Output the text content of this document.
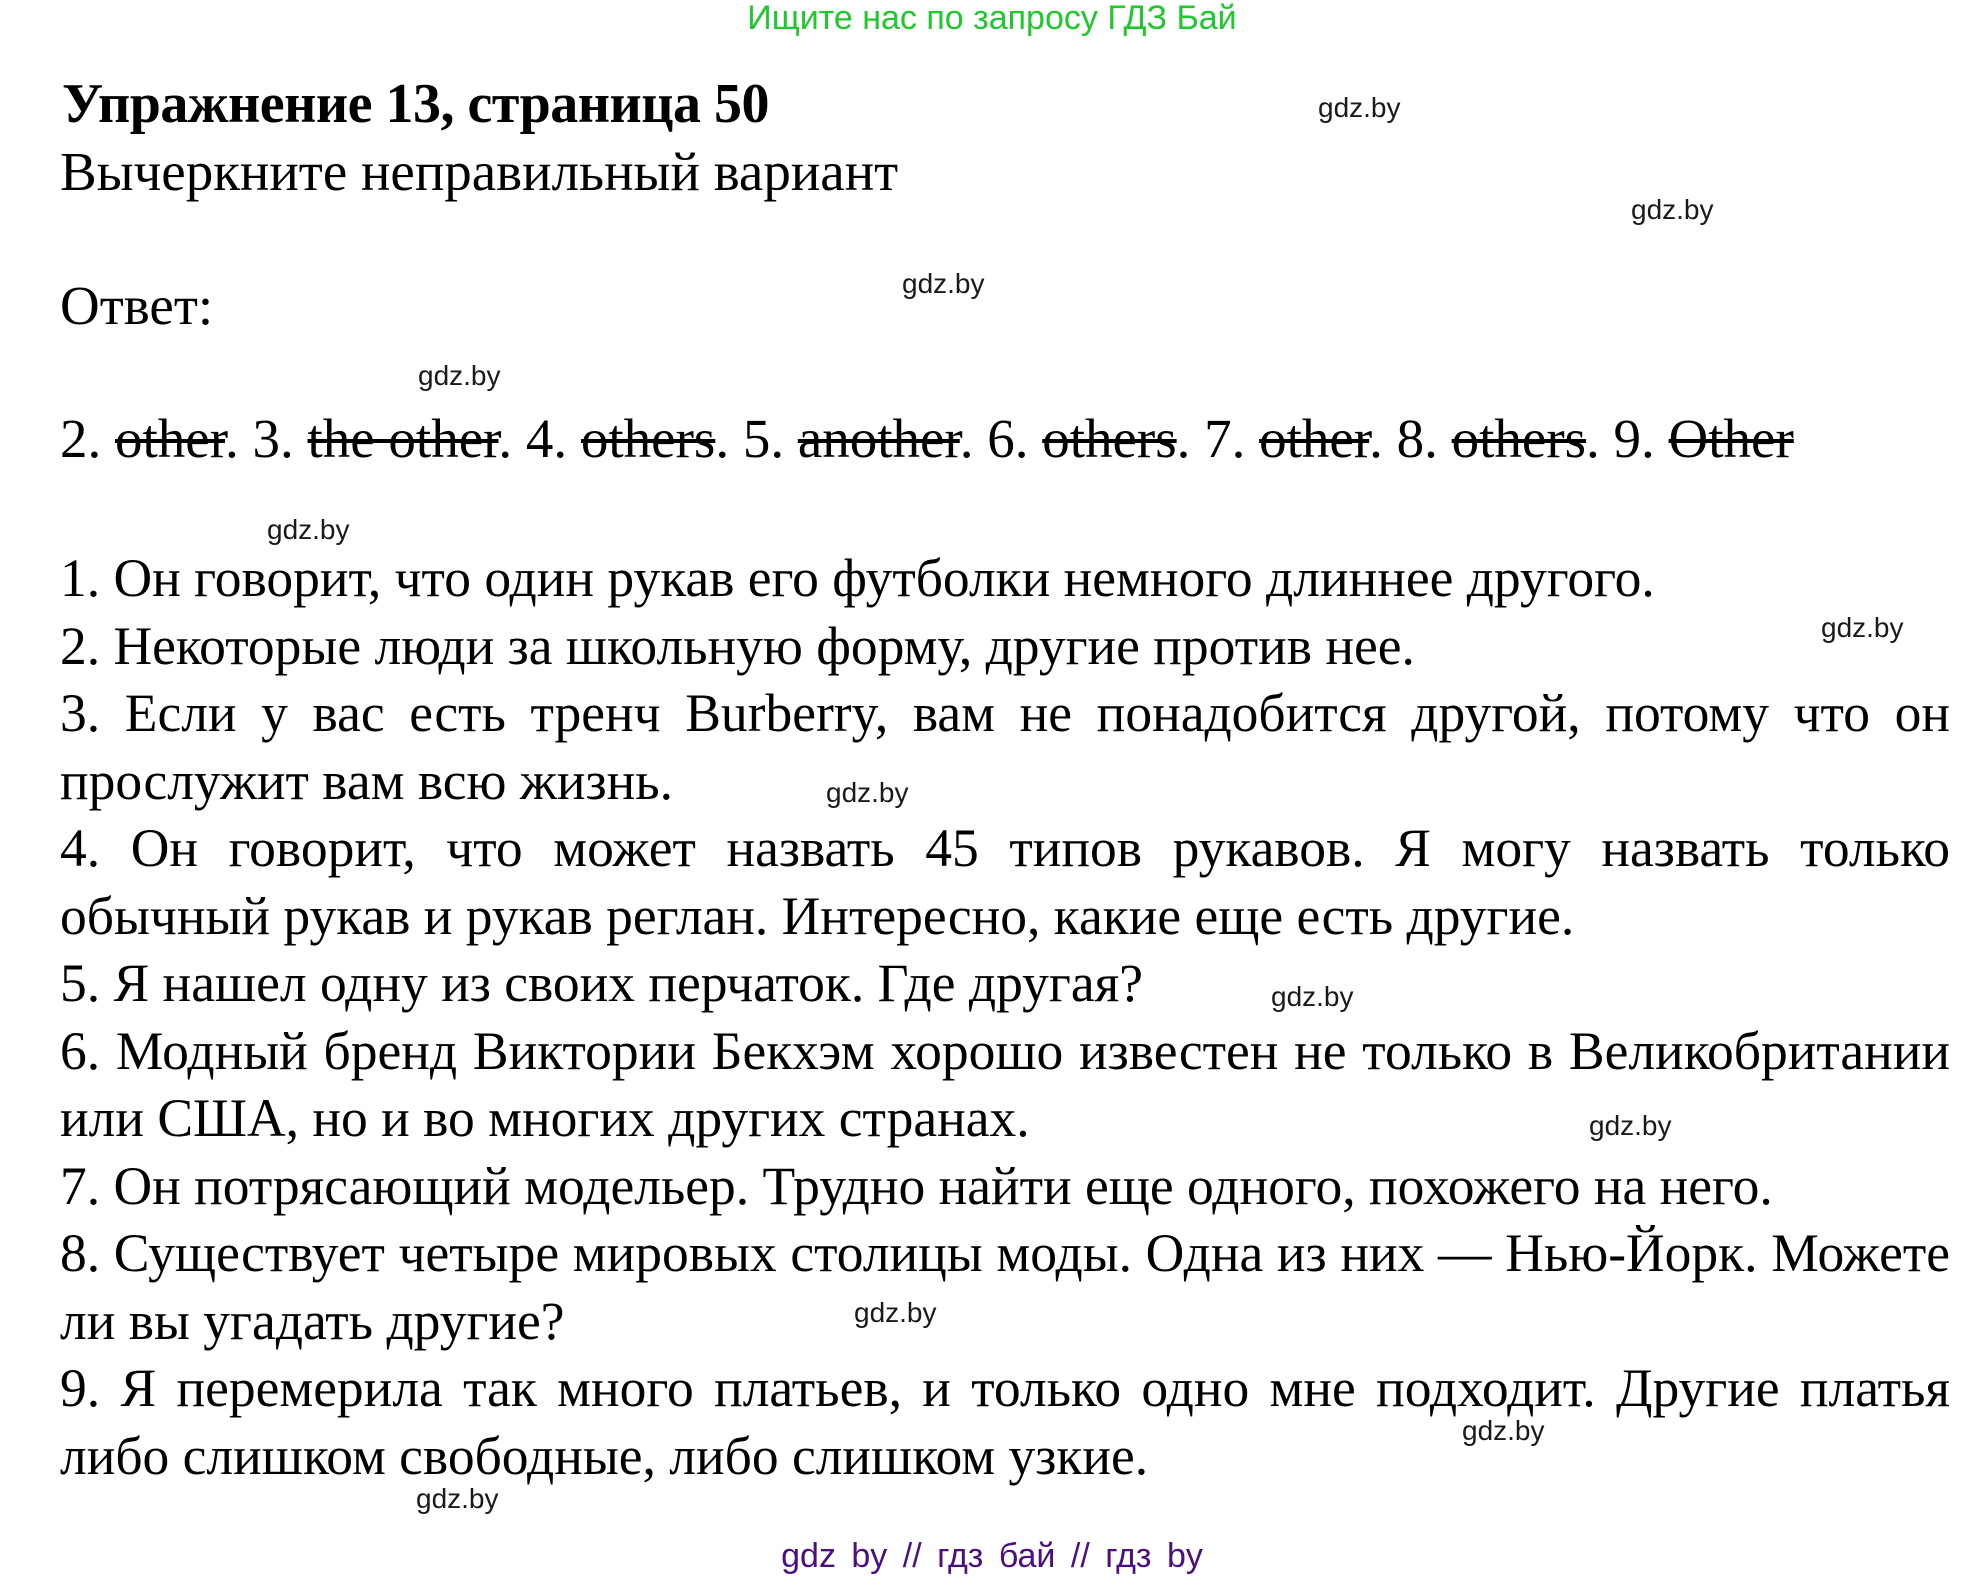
Ищите нас по запросу ГДЗ Бай
Упражнение 13, страница 50
Вычеркните неправильный вариант
Ответ:
2. other. 3. the other. 4. others. 5. another. 6. others. 7. other. 8. others. 9. Other

1. Он говорит, что один рукав его футболки немного длиннее другого.

2. Некоторые люди за школьную форму, другие против нее.

3. Если у вас есть тренч Burberry, вам не понадобится другой, потому что он прослужит вам всю жизнь.

4. Он говорит, что может назвать 45 типов рукавов. Я могу назвать только обычный рукав и рукав реглан. Интересно, какие еще есть другие.

5. Я нашел одну из своих перчаток. Где другая?

6. Модный бренд Виктории Бекхэм хорошо известен не только в Великобритании или США, но и во многих других странах.

7. Он потрясающий модельер. Трудно найти еще одного, похожего на него.

8. Существует четыре мировых столицы моды. Одна из них — Нью-Йорк. Можете ли вы угадать другие?

9. Я перемерила так много платьев, и только одно мне подходит. Другие платья либо слишком свободные, либо слишком узкие.

gdz.by
gdz.by
gdz.by
gdz.by
gdz.by
gdz.by
gdz.by
gdz.by
gdz.by
gdz.by
gdz.by
gdz.by
gdz by // гдз бай // гдз by
